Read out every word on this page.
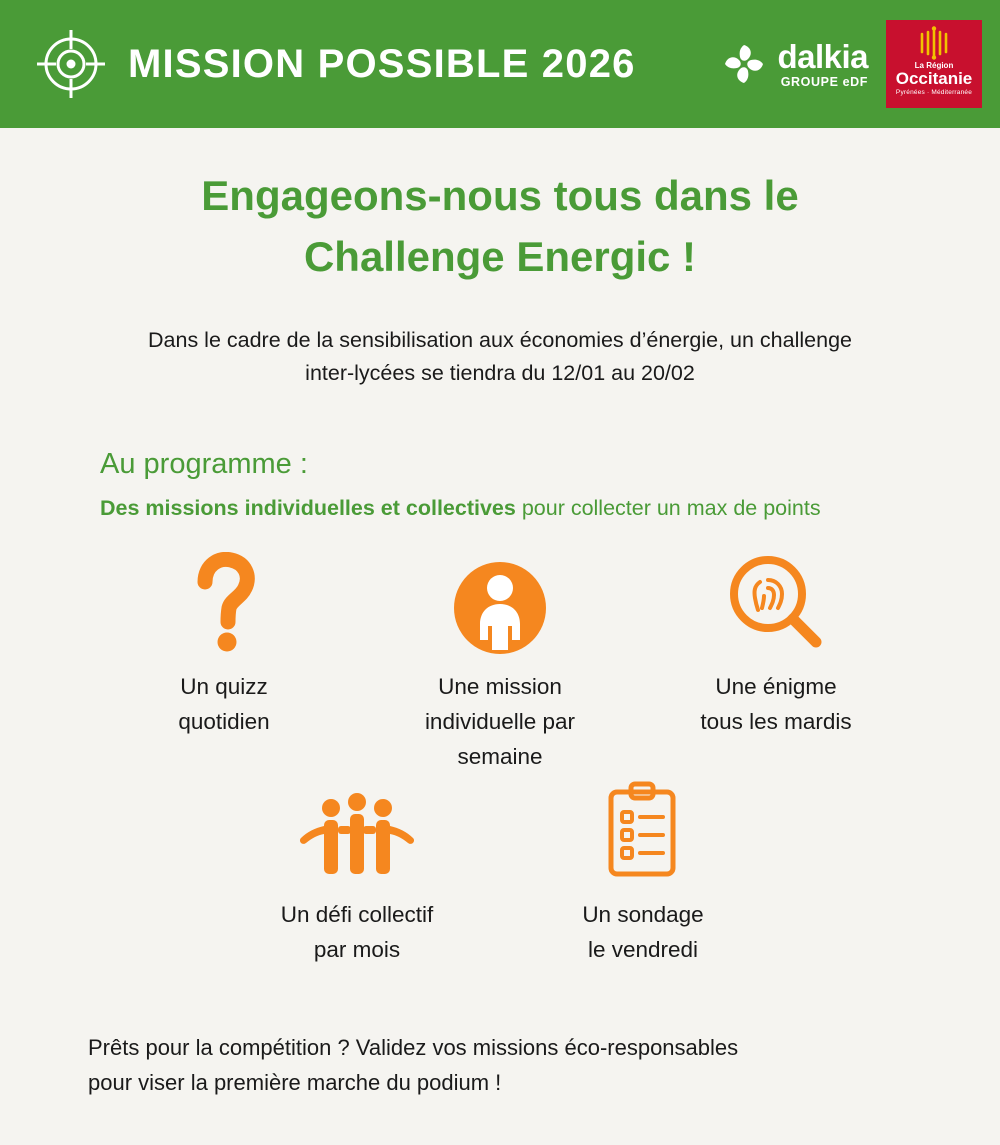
MISSION POSSIBLE 2026	dalkia
GROUPE eDF
La Région
Occitanie
Pyrénées · Méditerranée
Engageons-nous tous dans le
Challenge Energic !
Dans le cadre de la sensibilisation aux économies d’énergie, un challenge
inter-lycées se tiendra du 12/01 au 20/02
Au programme :
Des missions individuelles et collectives pour collecter un max de points
Un quizz
quotidien
Une mission
individuelle par
semaine
Une énigme
tous les mardis
Un défi collectif
par mois
Un sondage
le vendredi
Prêts pour la compétition ? Validez vos missions éco-responsables
pour viser la première marche du podium !
